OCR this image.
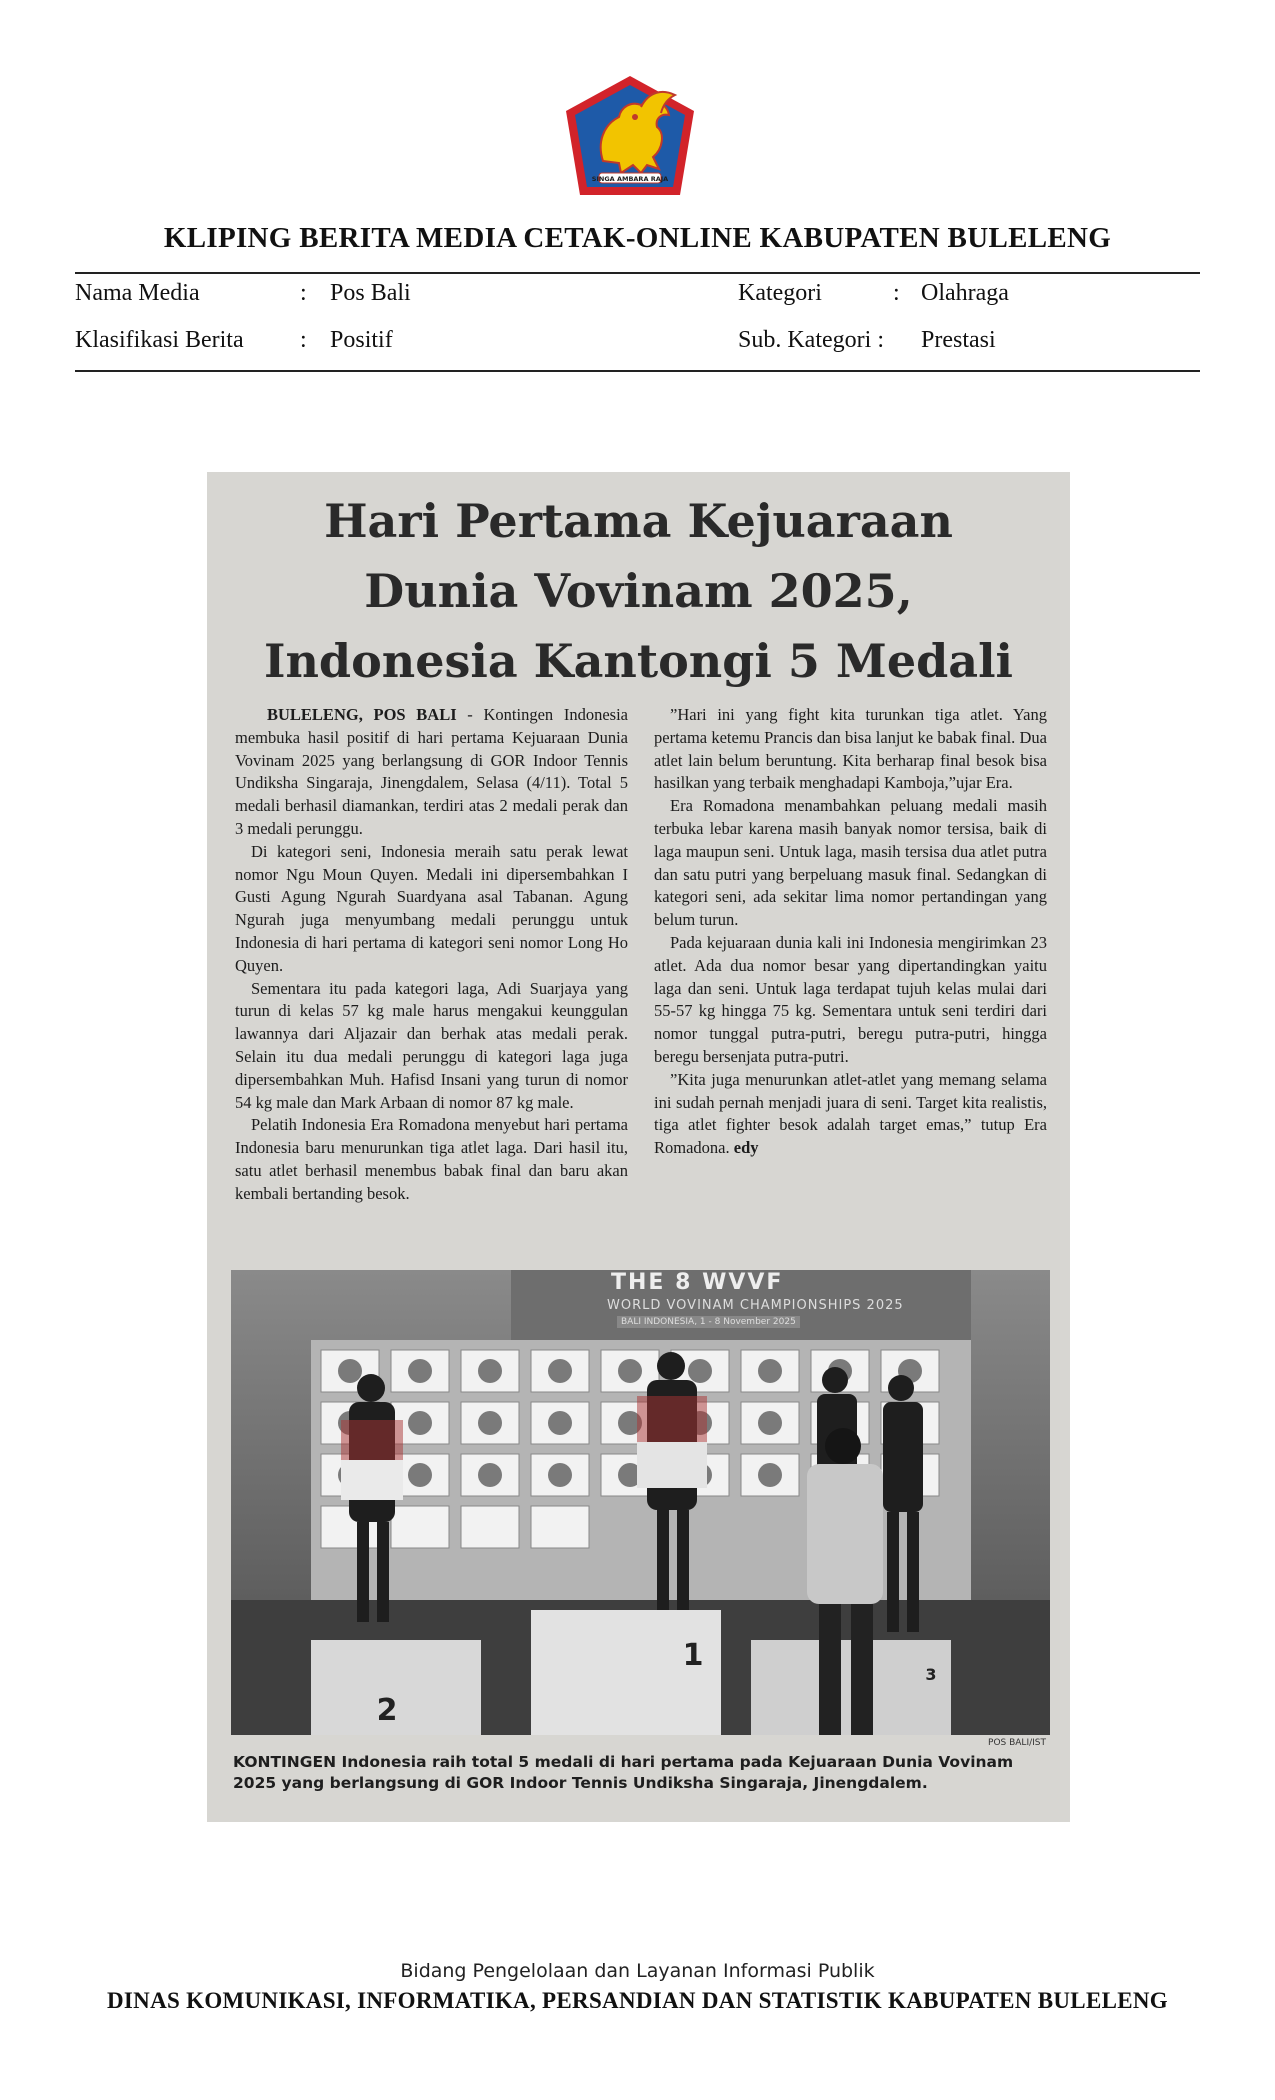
SINGA AMBARA RAJA
KLIPING BERITA MEDIA CETAK-ONLINE KABUPATEN BULELENG
Nama Media	: Pos Bali	Kategori	: Olahraga
Klasifikasi Berita : Positif	Sub. Kategori : Prestasi
Hari Pertama Kejuaraan
Dunia Vovinam 2025,
Indonesia Kantongi 5 Medali

BULELENG, POS BALI - Kontingen Indonesia membuka hasil positif di hari pertama Kejuaraan Dunia Vovinam 2025 yang berlangsung di GOR Indoor Tennis Undiksha Singaraja, Jinengdalem, Selasa (4/11). Total 5 medali berhasil diamankan, terdiri atas 2 medali perak dan 3 medali perunggu.

Di kategori seni, Indonesia meraih satu perak lewat nomor Ngu Moun Quyen. Medali ini dipersembahkan I Gusti Agung Ngurah Suardyana asal Tabanan. Agung Ngurah juga menyumbang medali perunggu untuk Indonesia di hari pertama di kategori seni nomor Long Ho Quyen.

Sementara itu pada kategori laga, Adi Suarjaya yang turun di kelas 57 kg male harus mengakui keunggulan lawannya dari Aljazair dan berhak atas medali perak. Selain itu dua medali perunggu di kategori laga juga dipersembahkan Muh. Hafisd Insani yang turun di nomor 54 kg male dan Mark Arbaan di nomor 87 kg male.

Pelatih Indonesia Era Romadona menyebut hari pertama Indonesia baru menurunkan tiga atlet laga. Dari hasil itu, satu atlet berhasil menembus babak final dan baru akan kembali bertanding besok.

”Hari ini yang fight kita turunkan tiga atlet. Yang pertama ketemu Prancis dan bisa lanjut ke babak final. Dua atlet lain belum beruntung. Kita berharap final besok bisa hasilkan yang terbaik menghadapi Kamboja,”ujar Era.

Era Romadona menambahkan peluang medali masih terbuka lebar karena masih banyak nomor tersisa, baik di laga maupun seni. Untuk laga, masih tersisa dua atlet putra dan satu putri yang berpeluang masuk final. Sedangkan di kategori seni, ada sekitar lima nomor pertandingan yang belum turun.

Pada kejuaraan dunia kali ini Indonesia mengirimkan 23 atlet. Ada dua nomor besar yang dipertandingkan yaitu laga dan seni. Untuk laga terdapat tujuh kelas mulai dari 55-57 kg hingga 75 kg. Sementara untuk seni terdiri dari nomor tunggal putra-putri, beregu putra-putri, hingga beregu bersenjata putra-putri.

”Kita juga menurunkan atlet-atlet yang memang selama ini sudah pernah menjadi juara di seni. Target kita realistis, tiga atlet fighter besok adalah target emas,” tutup Era Romadona. edy

2
1
3
THE 8 WVVF
WORLD VOVINAM CHAMPIONSHIPS 2025
BALI INDONESIA, 1 - 8 November 2025
POS BALI/IST
KONTINGEN Indonesia raih total 5 medali di hari pertama pada Kejuaraan Dunia Vovinam 2025 yang berlangsung di GOR Indoor Tennis Undiksha Singaraja, Jinengdalem.
Bidang Pengelolaan dan Layanan Informasi Publik
DINAS KOMUNIKASI, INFORMATIKA, PERSANDIAN DAN STATISTIK KABUPATEN BULELENG
